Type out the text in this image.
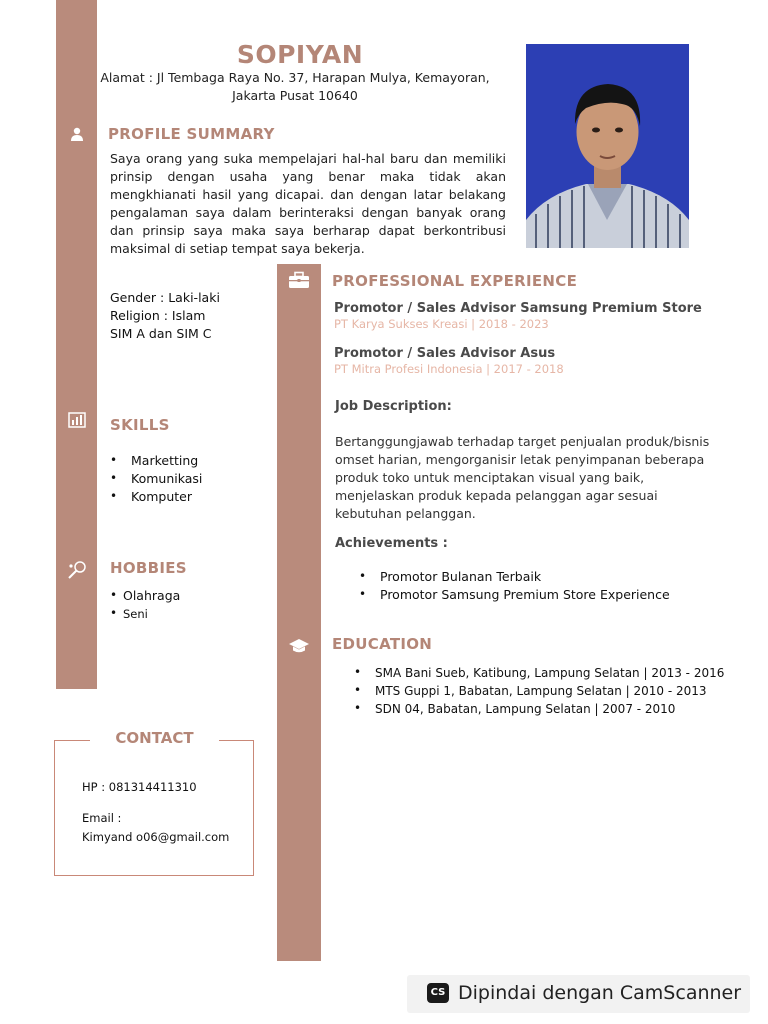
SOPIYAN
Alamat : Jl Tembaga Raya No. 37, Harapan Mulya, Kemayoran,
Jakarta Pusat 10640
PROFILE SUMMARY
Saya orang yang suka mempelajari hal-hal baru dan memiliki prinsip dengan usaha yang benar maka tidak akan mengkhianati hasil yang dicapai. dan dengan latar belakang pengalaman saya dalam berinteraksi dengan banyak orang dan prinsip saya maka saya berharap dapat berkontribusi maksimal di setiap tempat saya bekerja.
Gender : Laki-laki
Religion : Islam
SIM A dan SIM C
SKILLS
• Marketting
• Komunikasi
• Komputer
HOBBIES
• Olahraga
• Seni
CONTACT
HP : 081314411310
Email :
Kimyand o06@gmail.com
PROFESSIONAL EXPERIENCE
Promotor / Sales Advisor Samsung Premium Store
PT Karya Sukses Kreasi | 2018 - 2023
Promotor / Sales Advisor Asus
PT Mitra Profesi Indonesia | 2017 - 2018
Job Description:
Bertanggungjawab terhadap target penjualan produk/bisnis omset harian, mengorganisir letak penyimpanan beberapa produk toko untuk menciptakan visual yang baik, menjelaskan produk kepada pelanggan agar sesuai kebutuhan pelanggan.
Achievements :
• Promotor Bulanan Terbaik
• Promotor Samsung Premium Store Experience
EDUCATION
• SMA Bani Sueb, Katibung, Lampung Selatan | 2013 - 2016
• MTS Guppi 1, Babatan, Lampung Selatan | 2010 - 2013
• SDN 04, Babatan, Lampung Selatan | 2007 - 2010
CS Dipindai dengan CamScanner
